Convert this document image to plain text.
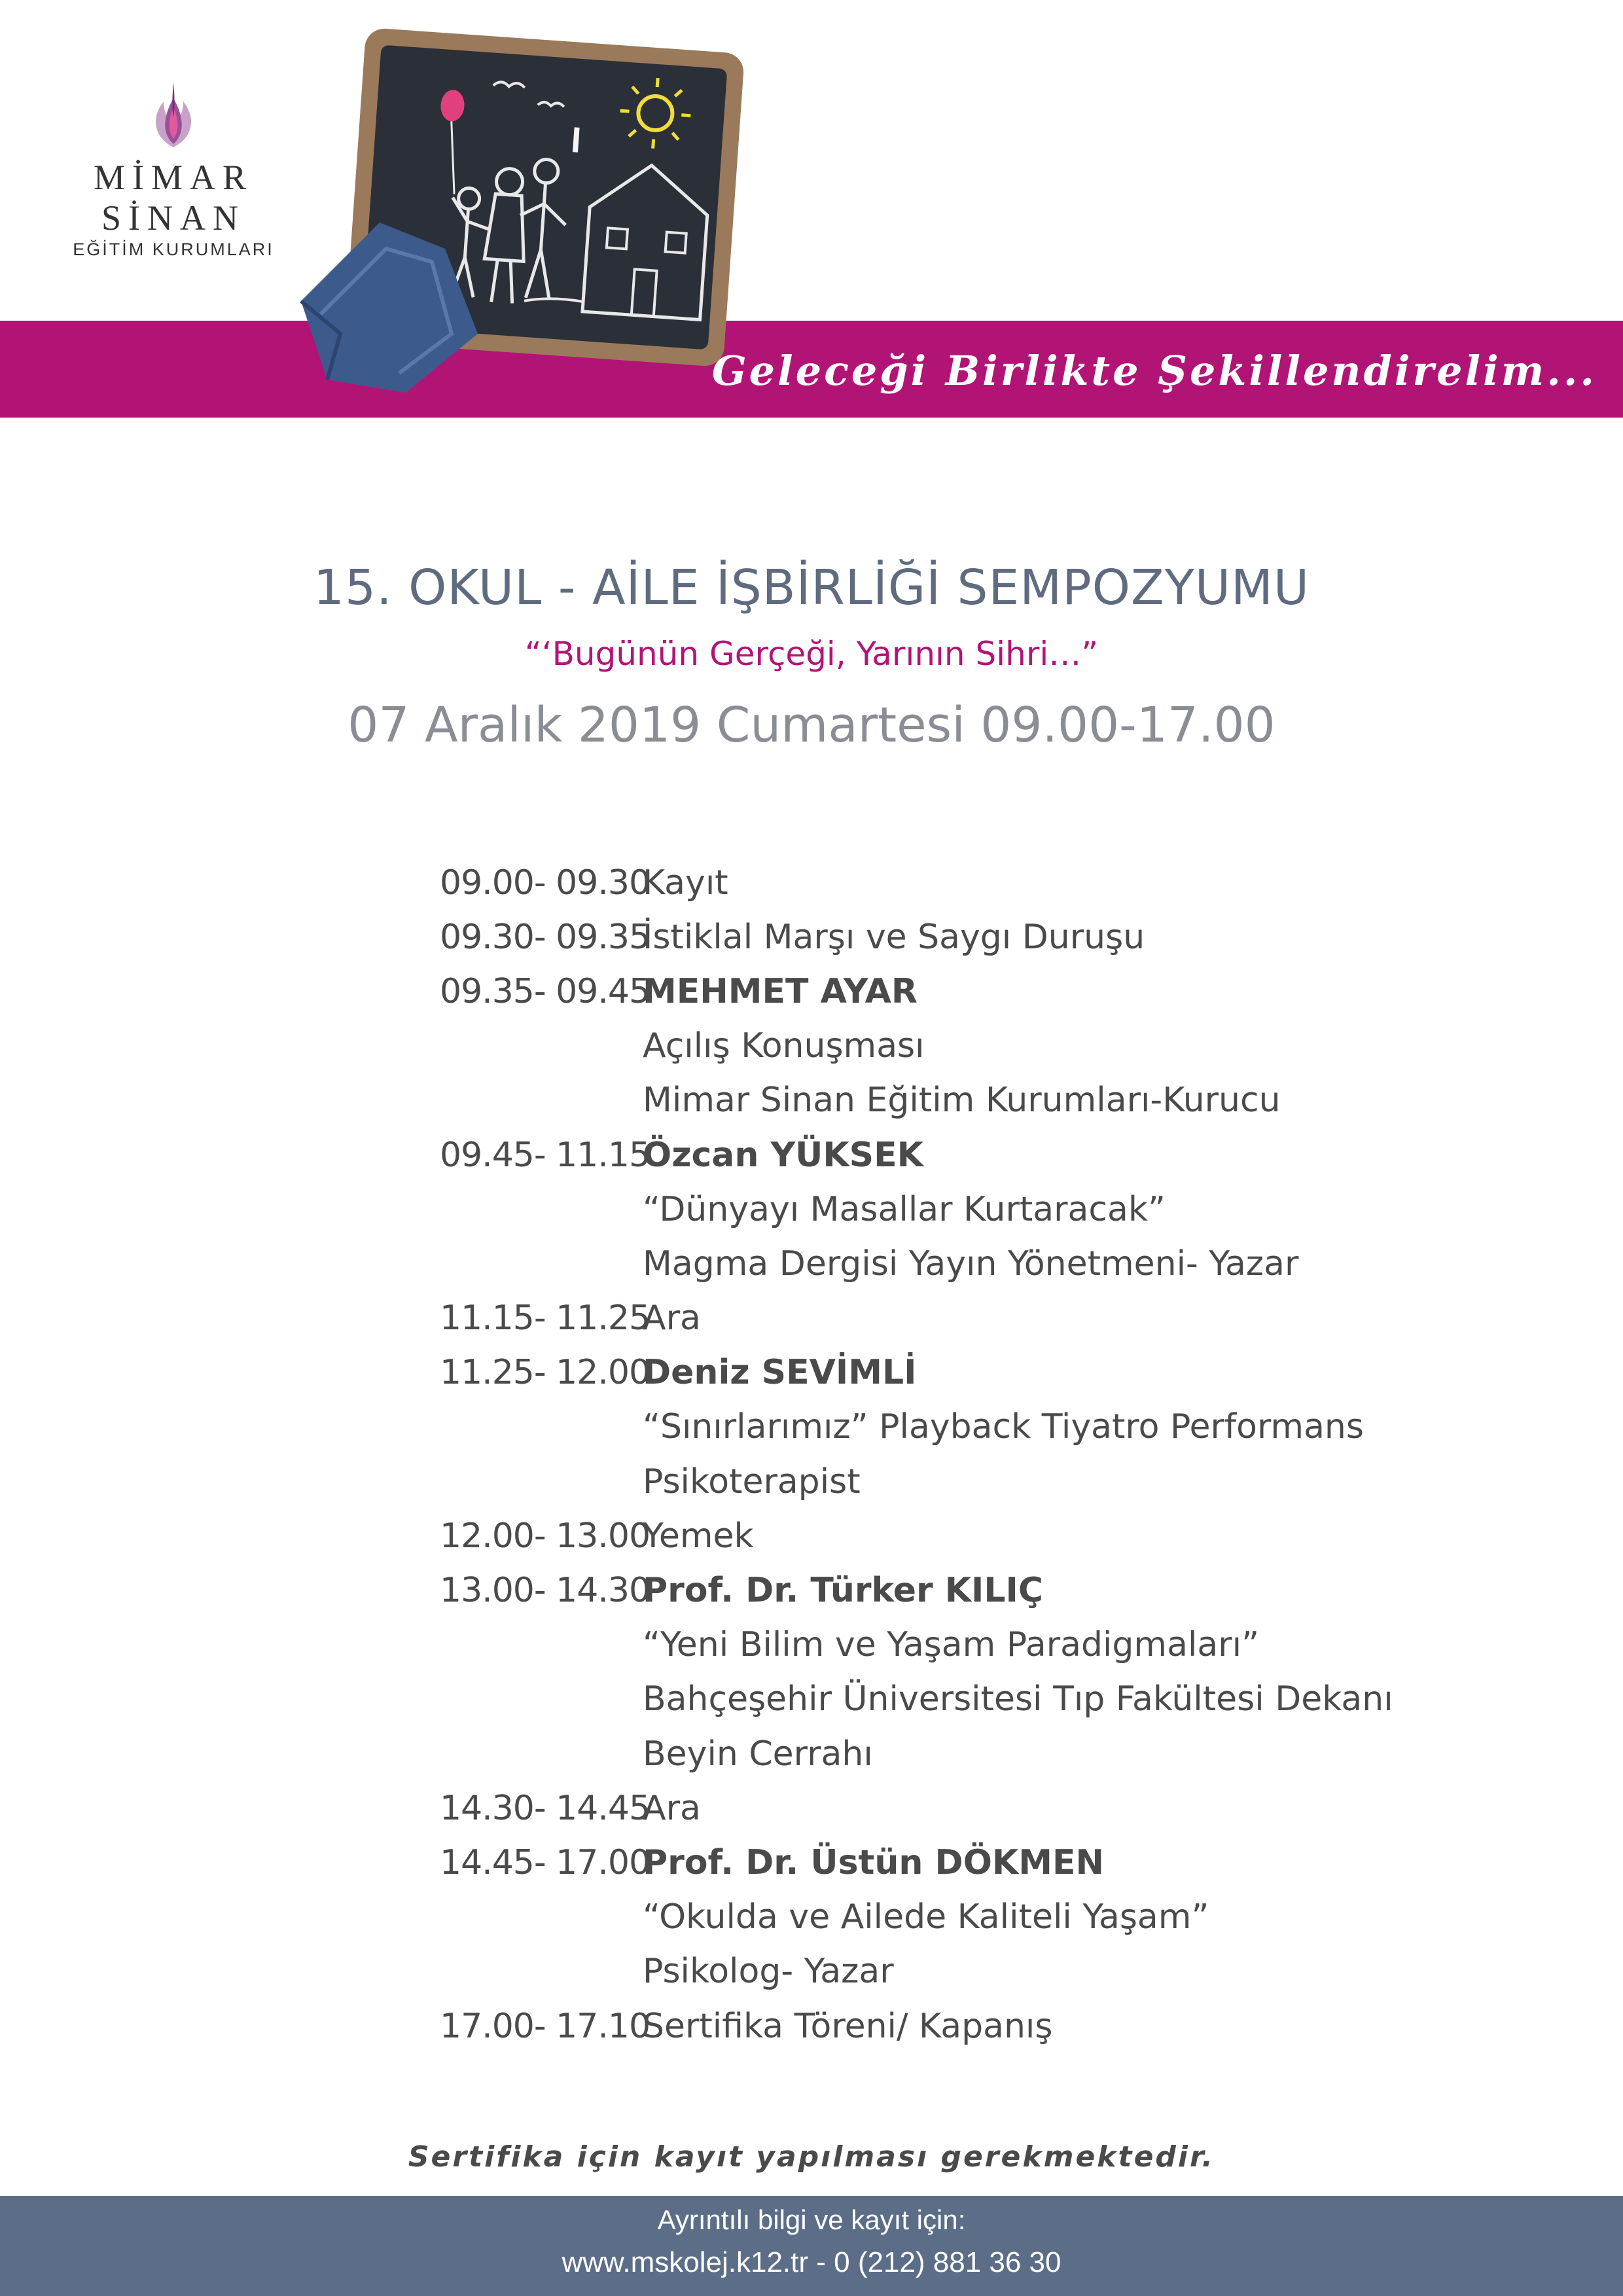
MİMAR SİNAN
EĞİTİM KURUMLARI
Geleceği Birlikte Şekillendirelim...
15. OKUL - AİLE İŞBİRLİĞİ SEMPOZYUMU
“‘Bugünün Gerçeği, Yarının Sihri…”
07 Aralık 2019 Cumartesi 09.00-17.00
09.00- 09.30
Kayıt
09.30- 09.35
İstiklal Marşı ve Saygı Duruşu
09.35- 09.45
MEHMET AYAR
Açılış Konuşması
Mimar Sinan Eğitim Kurumları-Kurucu
09.45- 11.15
Özcan YÜKSEK
“Dünyayı Masallar Kurtaracak”
Magma Dergisi Yayın Yönetmeni- Yazar
11.15- 11.25
Ara
11.25- 12.00
Deniz SEVİMLİ
“Sınırlarımız” Playback Tiyatro Performans
Psikoterapist
12.00- 13.00
Yemek
13.00- 14.30
Prof. Dr. Türker KILIÇ
“Yeni Bilim ve Yaşam Paradigmaları”
Bahçeşehir Üniversitesi Tıp Fakültesi Dekanı
Beyin Cerrahı
14.30- 14.45
Ara
14.45- 17.00
Prof. Dr. Üstün DÖKMEN
“Okulda ve Ailede Kaliteli Yaşam”
Psikolog- Yazar
17.00- 17.10
Sertifika Töreni/ Kapanış
Sertifika için kayıt yapılması gerekmektedir.
Ayrıntılı bilgi ve kayıt için:
www.mskolej.k12.tr - 0 (212) 881 36 30
